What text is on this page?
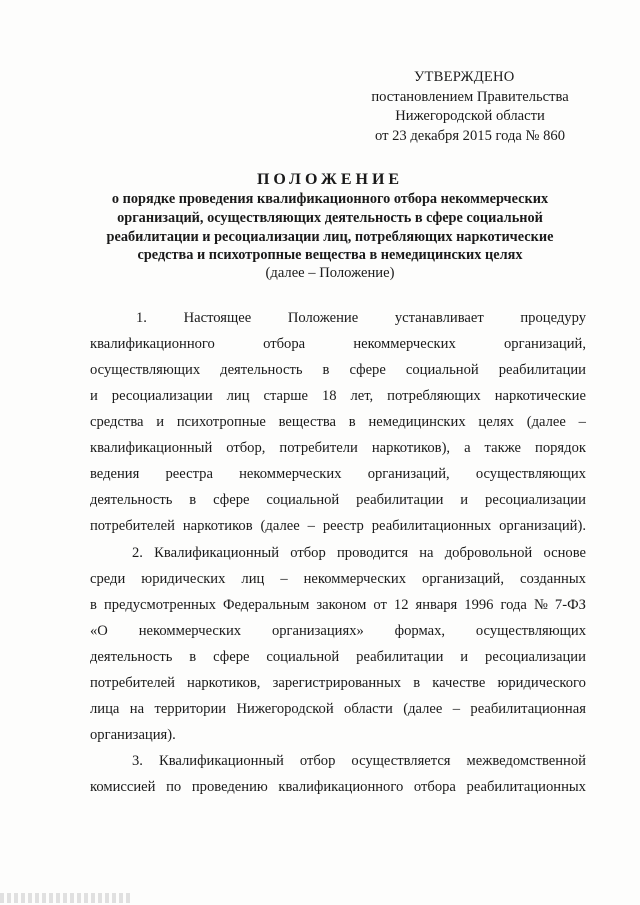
УТВЕРЖДЕНО
постановлением Правительства
Нижегородской области
от 23 декабря 2015 года № 860
ПОЛОЖЕНИЕ
о порядке проведения квалификационного отбора некоммерческих
организаций, осуществляющих деятельность в сфере социальной
реабилитации и ресоциализации лиц, потребляющих наркотические
средства и психотропные вещества в немедицинских целях
(далее – Положение)
1.	Настоящее	Положение	устанавливает	процедуру
квалификационного	отбора	некоммерческих	организаций,
осуществляющих деятельность в сфере социальной реабилитации
и ресоциализации лиц старше 18 лет, потребляющих наркотические
средства и психотропные вещества в немедицинских целях (далее –
квалификационный отбор, потребители наркотиков), а также порядок
ведения реестра некоммерческих организаций, осуществляющих
деятельность в сфере социальной реабилитации и ресоциализации
потребителей наркотиков (далее – реестр реабилитационных организаций).
2. Квалификационный отбор проводится на добровольной основе
среди юридических лиц – некоммерческих организаций, созданных
в предусмотренных Федеральным законом от 12 января 1996 года № 7-ФЗ
«О некоммерческих организациях» формах, осуществляющих
деятельность в сфере социальной реабилитации и ресоциализации
потребителей наркотиков, зарегистрированных в качестве юридического
лица на территории Нижегородской области (далее – реабилитационная
организация).
3. Квалификационный отбор осуществляется межведомственной
комиссией по проведению квалификационного отбора реабилитационных
